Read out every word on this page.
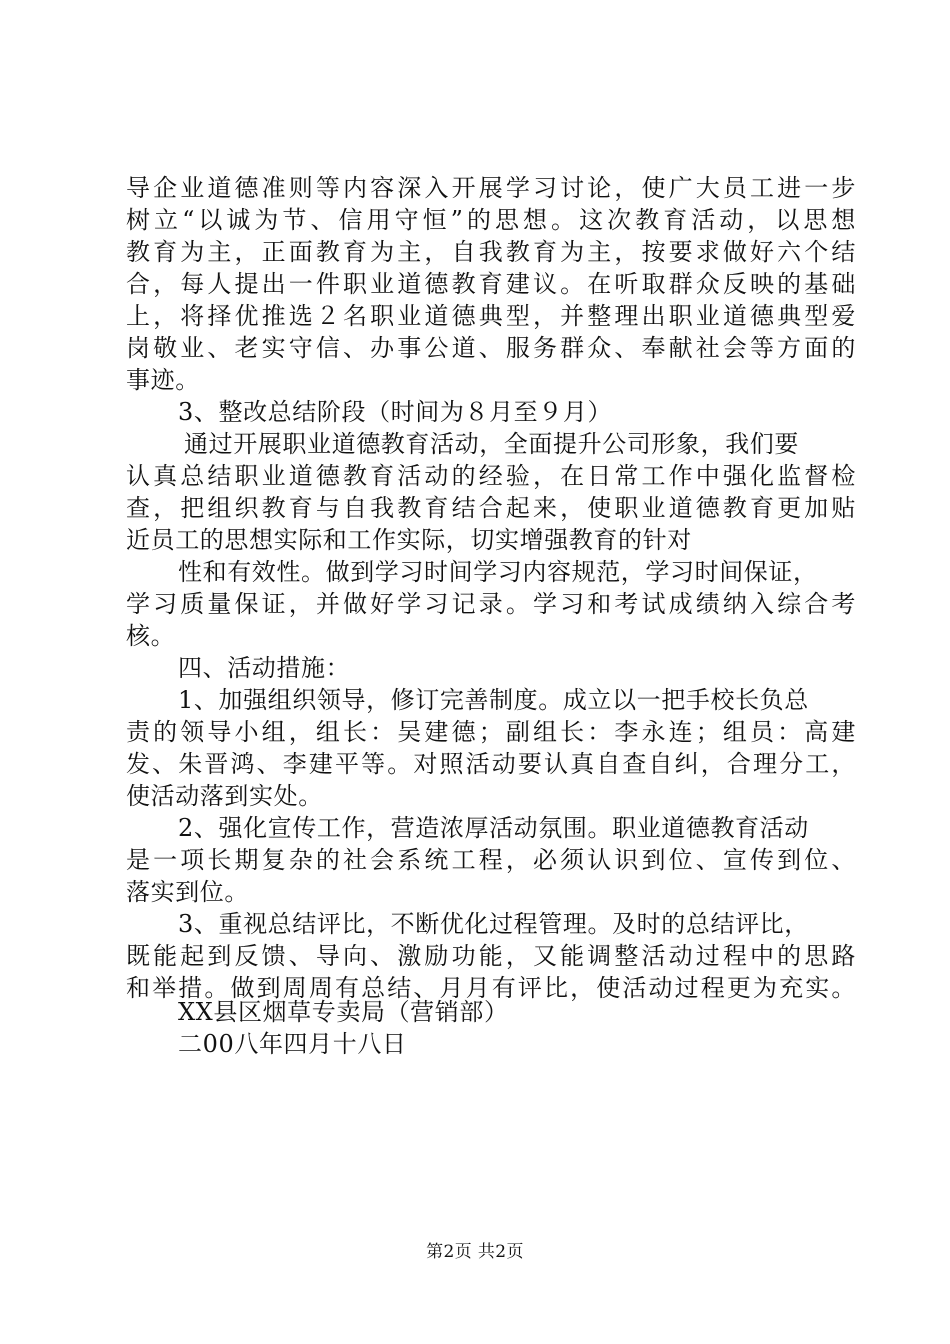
导企业道德准则等内容深入开展学习讨论，使广大员工进一步
树立“以诚为节、信用守恒”的思想。这次教育活动，以思想
教育为主，正面教育为主，自我教育为主，按要求做好六个结
合，每人提出一件职业道德教育建议。在听取群众反映的基础
上，将择优推选２名职业道德典型，并整理出职业道德典型爱
岗敬业、老实守信、办事公道、服务群众、奉献社会等方面的
事迹。
3、整改总结阶段（时间为８月至９月）
通过开展职业道德教育活动，全面提升公司形象，我们要
认真总结职业道德教育活动的经验，在日常工作中强化监督检
查，把组织教育与自我教育结合起来，使职业道德教育更加贴
近员工的思想实际和工作实际，切实增强教育的针对
性和有效性。做到学习时间学习内容规范，学习时间保证，
学习质量保证，并做好学习记录。学习和考试成绩纳入综合考
核。
四、活动措施：
1、加强组织领导，修订完善制度。成立以一把手校长负总
责的领导小组，组长：吴建德；副组长：李永连；组员：高建
发、朱晋鸿、李建平等。对照活动要认真自查自纠，合理分工，
使活动落到实处。
2、强化宣传工作，营造浓厚活动氛围。职业道德教育活动
是一项长期复杂的社会系统工程，必须认识到位、宣传到位、
落实到位。
3、重视总结评比，不断优化过程管理。及时的总结评比，
既能起到反馈、导向、激励功能，又能调整活动过程中的思路
和举措。做到周周有总结、月月有评比，使活动过程更为充实。
XX县区烟草专卖局（营销部）
二00八年四月十八日
第2页 共2页
